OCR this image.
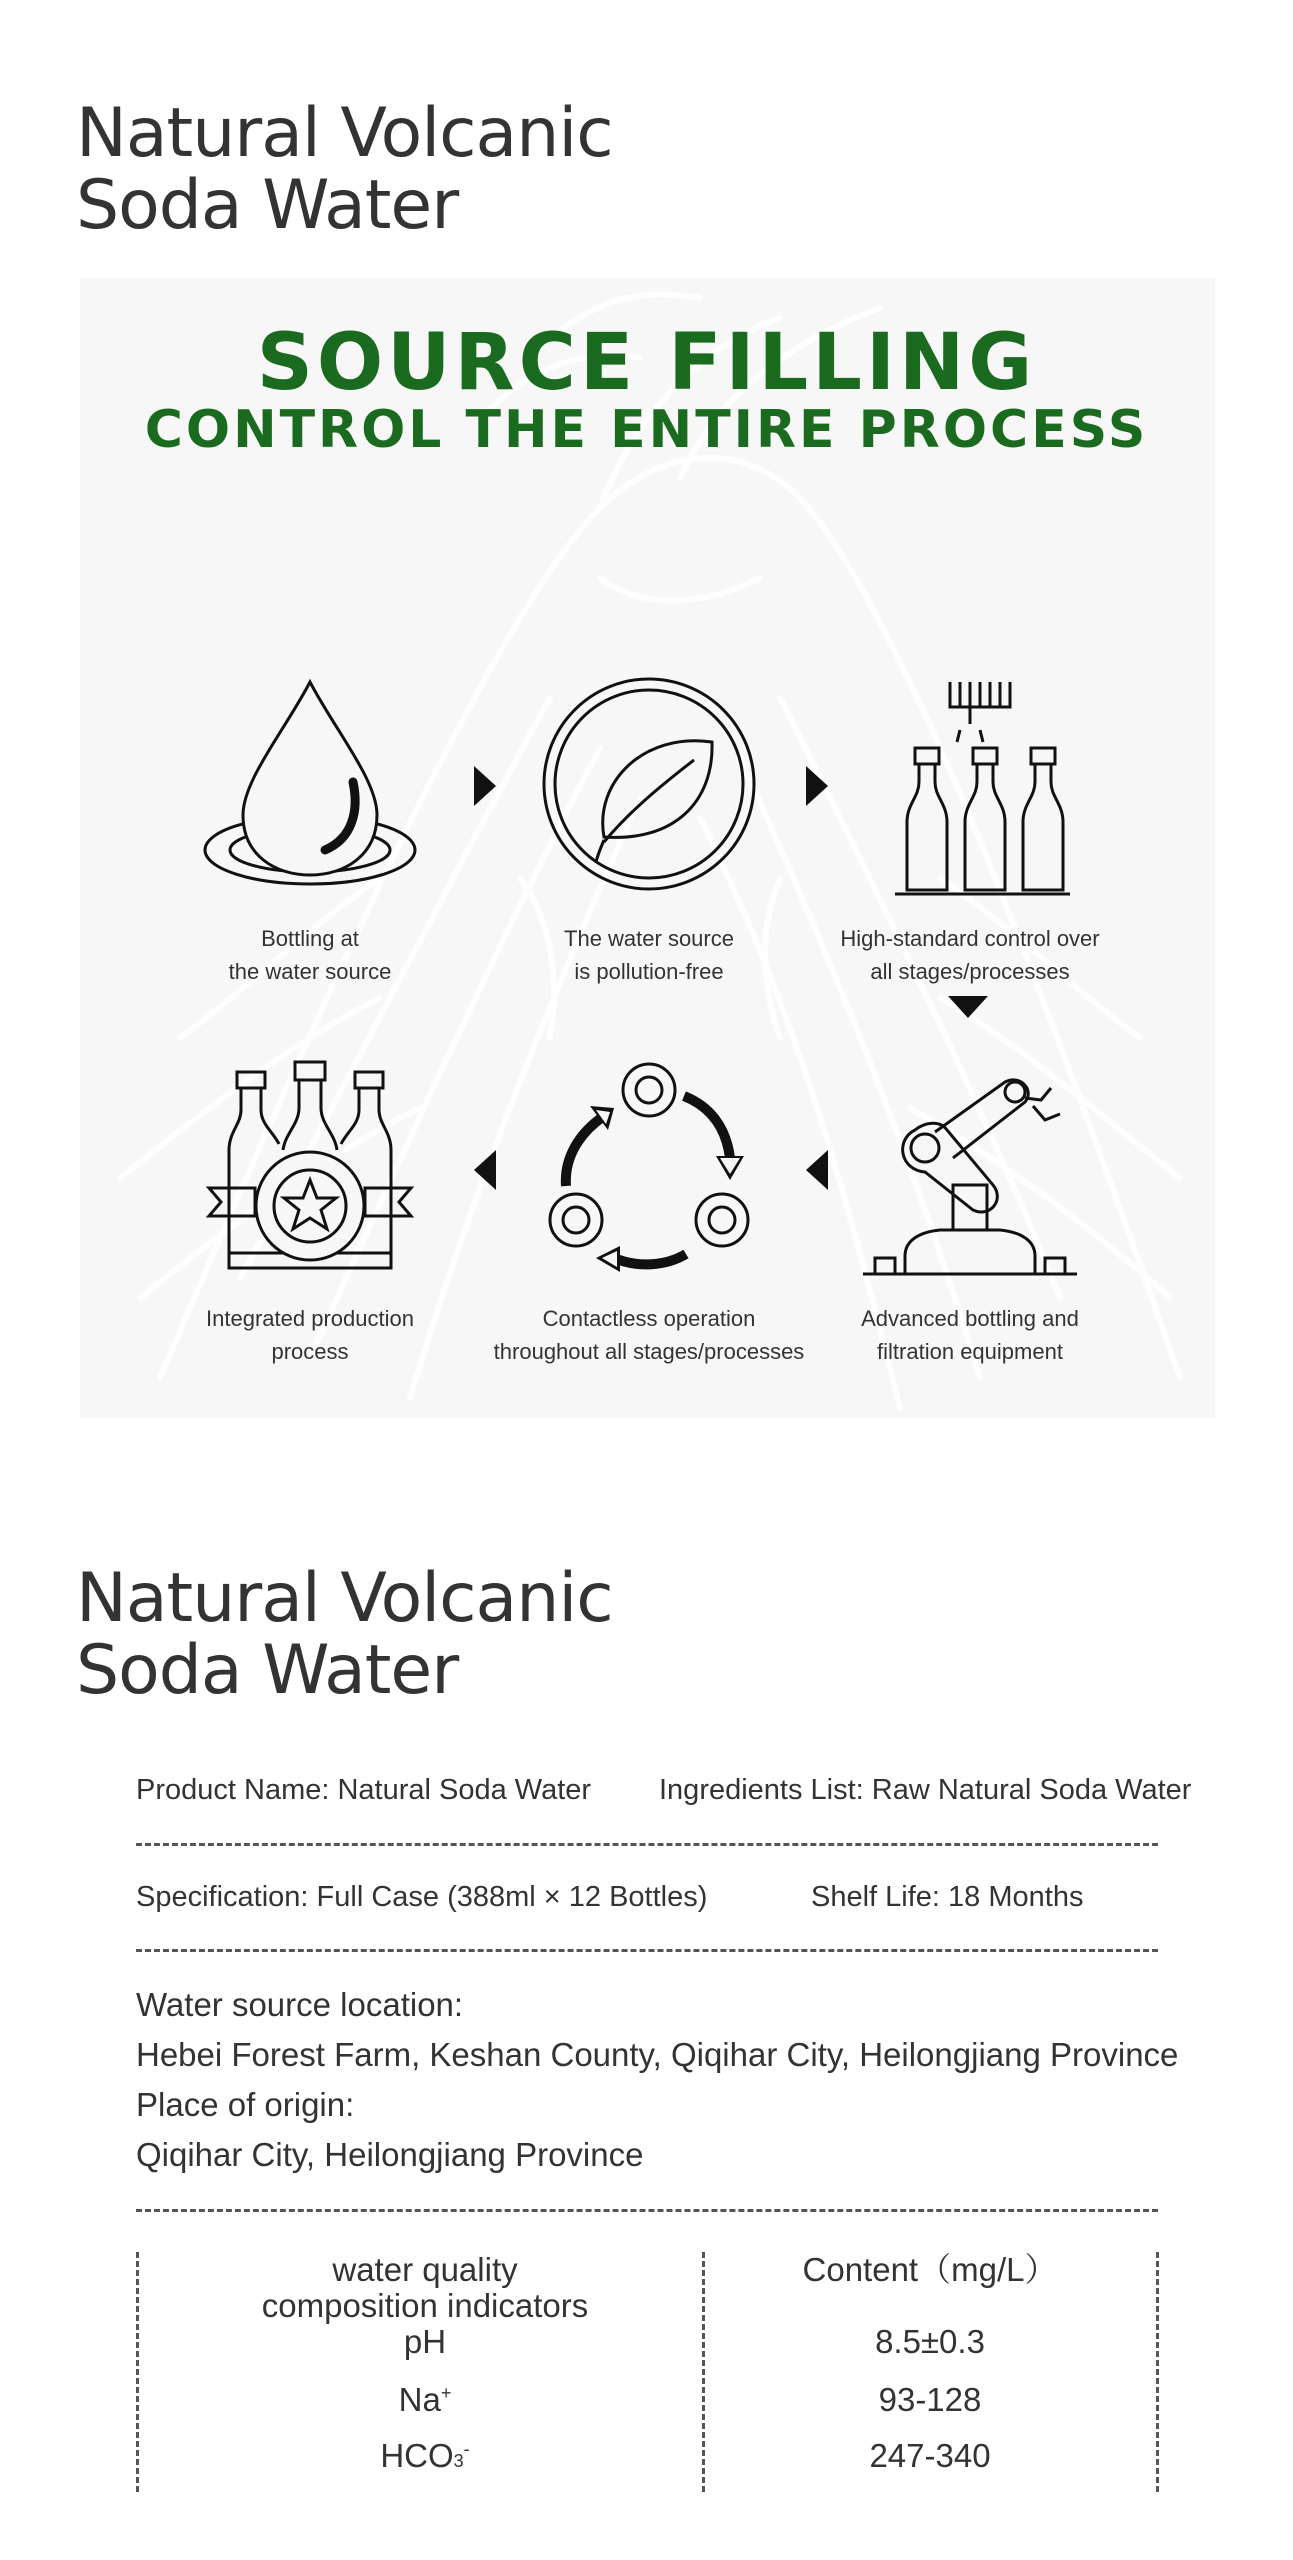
Natural Volcanic
Soda Water
SOURCE FILLING
CONTROL THE ENTIRE PROCESS
Bottling at
the water source
The water source
is pollution-free
High-standard control over
all stages/processes
Advanced bottling and
filtration equipment
Contactless operation
throughout all stages/processes
Integrated production
process
Natural Volcanic
Soda Water
Product Name: Natural Soda Water Ingredients List: Raw Natural Soda Water
Specification: Full Case (388ml × 12 Bottles)	Shelf Life: 18 Months
Water source location:
Hebei Forest Farm, Keshan County, Qiqihar City, Heilongjiang Province
Place of origin:
Qiqihar City, Heilongjiang Province
water quality
composition indicators
Content（mg/L）
pH	8.5±0.3
Na+	93-128
HCO3-	247-340
